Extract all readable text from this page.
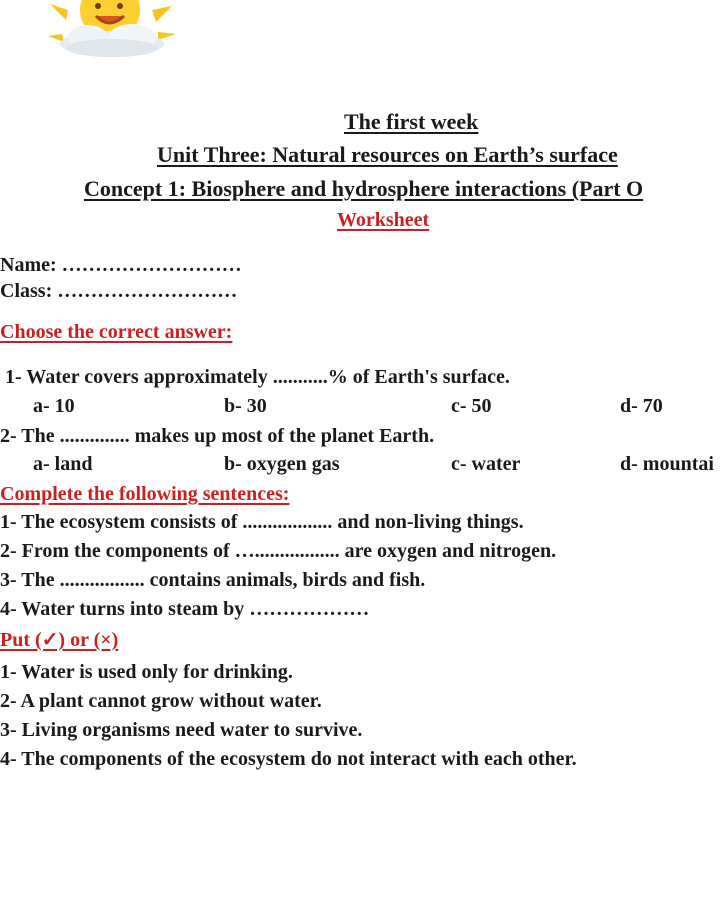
The first week
Unit Three: Natural resources on Earth’s surface
Concept 1: Biosphere and hydrosphere interactions (Part O
Worksheet
Name: ………………………
Class: ………………………
Choose the correct answer:
1- Water covers approximately ...........% of Earth's surface.
a- 10	b- 30	c- 50	d- 70
2- The .............. makes up most of the planet Earth.
a- land	b- oxygen gas	c- water	d- mountai
Complete the following sentences:
1- The ecosystem consists of .................. and non-living things.
2- From the components of …................. are oxygen and nitrogen.
3- The ................. contains animals, birds and fish.
4- Water turns into steam by ………………
Put (✓) or (×)
1- Water is used only for drinking.
2- A plant cannot grow without water.
3- Living organisms need water to survive.
4- The components of the ecosystem do not interact with each other.
